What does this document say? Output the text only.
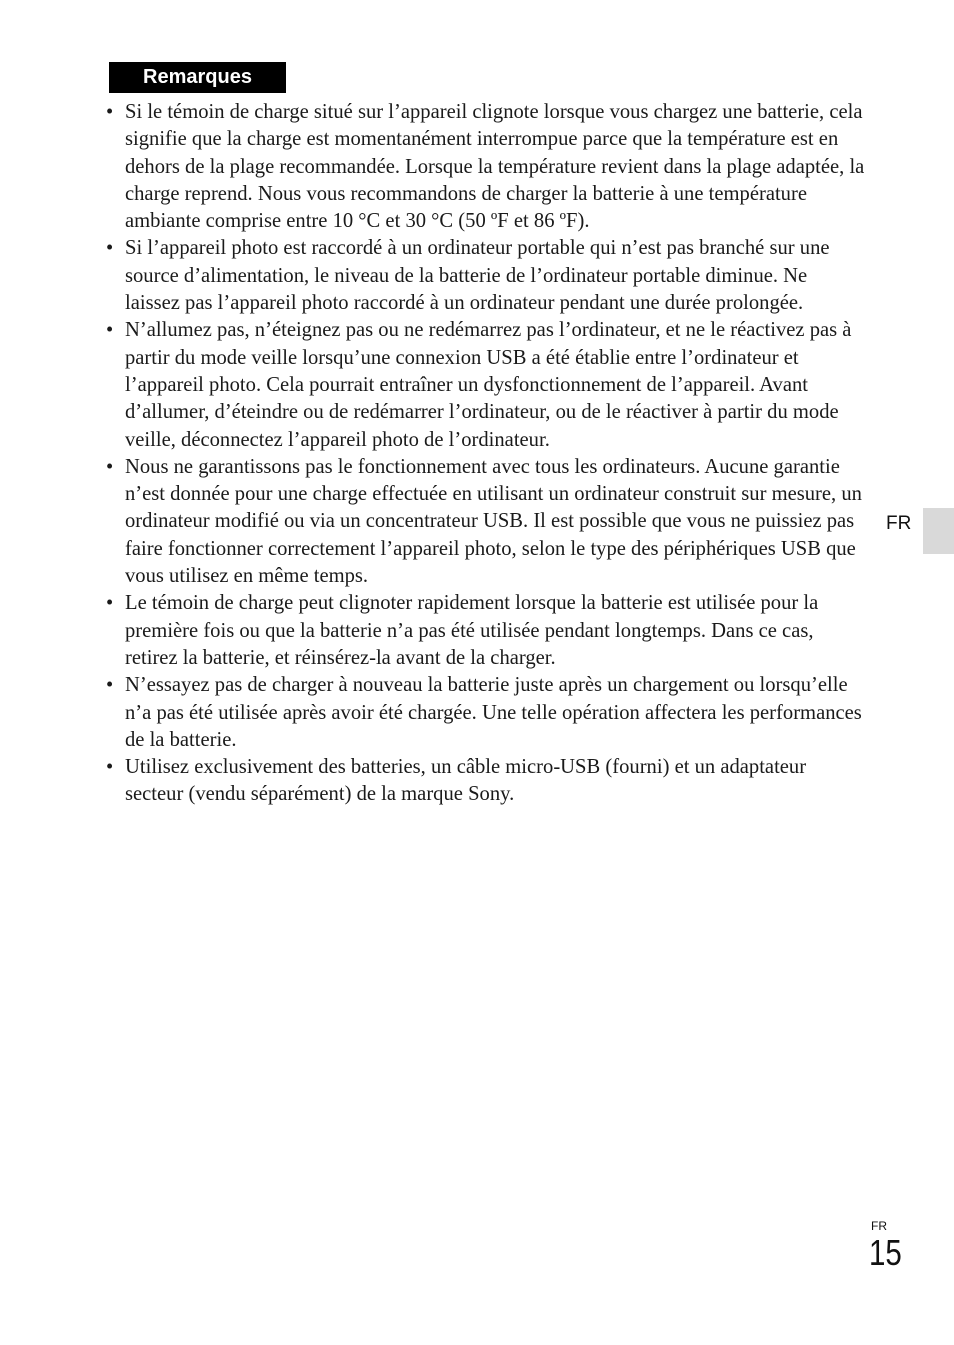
Remarques
• Si le témoin de charge situé sur l’appareil clignote lorsque vous chargez une batterie, cela signifie que la charge est momentanément interrompue parce que la température est en dehors de la plage recommandée. Lorsque la température revient dans la plage adaptée, la charge reprend. Nous vous recommandons de charger la batterie à une température ambiante comprise entre 10 °C et 30 °C (50 ºF et 86 ºF).
• Si l’appareil photo est raccordé à un ordinateur portable qui n’est pas branché sur une source d’alimentation, le niveau de la batterie de l’ordinateur portable diminue. Ne laissez pas l’appareil photo raccordé à un ordinateur pendant une durée prolongée.
• N’allumez pas, n’éteignez pas ou ne redémarrez pas l’ordinateur, et ne le réactivez pas à partir du mode veille lorsqu’une connexion USB a été établie entre l’ordinateur et l’appareil photo. Cela pourrait entraîner un dysfonctionnement de l’appareil. Avant d’allumer, d’éteindre ou de redémarrer l’ordinateur, ou de le réactiver à partir du mode veille, déconnectez l’appareil photo de l’ordinateur.
• Nous ne garantissons pas le fonctionnement avec tous les ordinateurs. Aucune garantie n’est donnée pour une charge effectuée en utilisant un ordinateur construit sur mesure, un ordinateur modifié ou via un concentrateur USB. Il est possible que vous ne puissiez pas faire fonctionner correctement l’appareil photo, selon le type des périphériques USB que vous utilisez en même temps.
• Le témoin de charge peut clignoter rapidement lorsque la batterie est utilisée pour la première fois ou que la batterie n’a pas été utilisée pendant longtemps. Dans ce cas, retirez la batterie, et réinsérez-la avant de la charger.
• N’essayez pas de charger à nouveau la batterie juste après un chargement ou lorsqu’elle n’a pas été utilisée après avoir été chargée. Une telle opération affectera les performances de la batterie.
• Utilisez exclusivement des batteries, un câble micro-USB (fourni) et un adaptateur secteur (vendu séparément) de la marque Sony.
FR
FR
15
